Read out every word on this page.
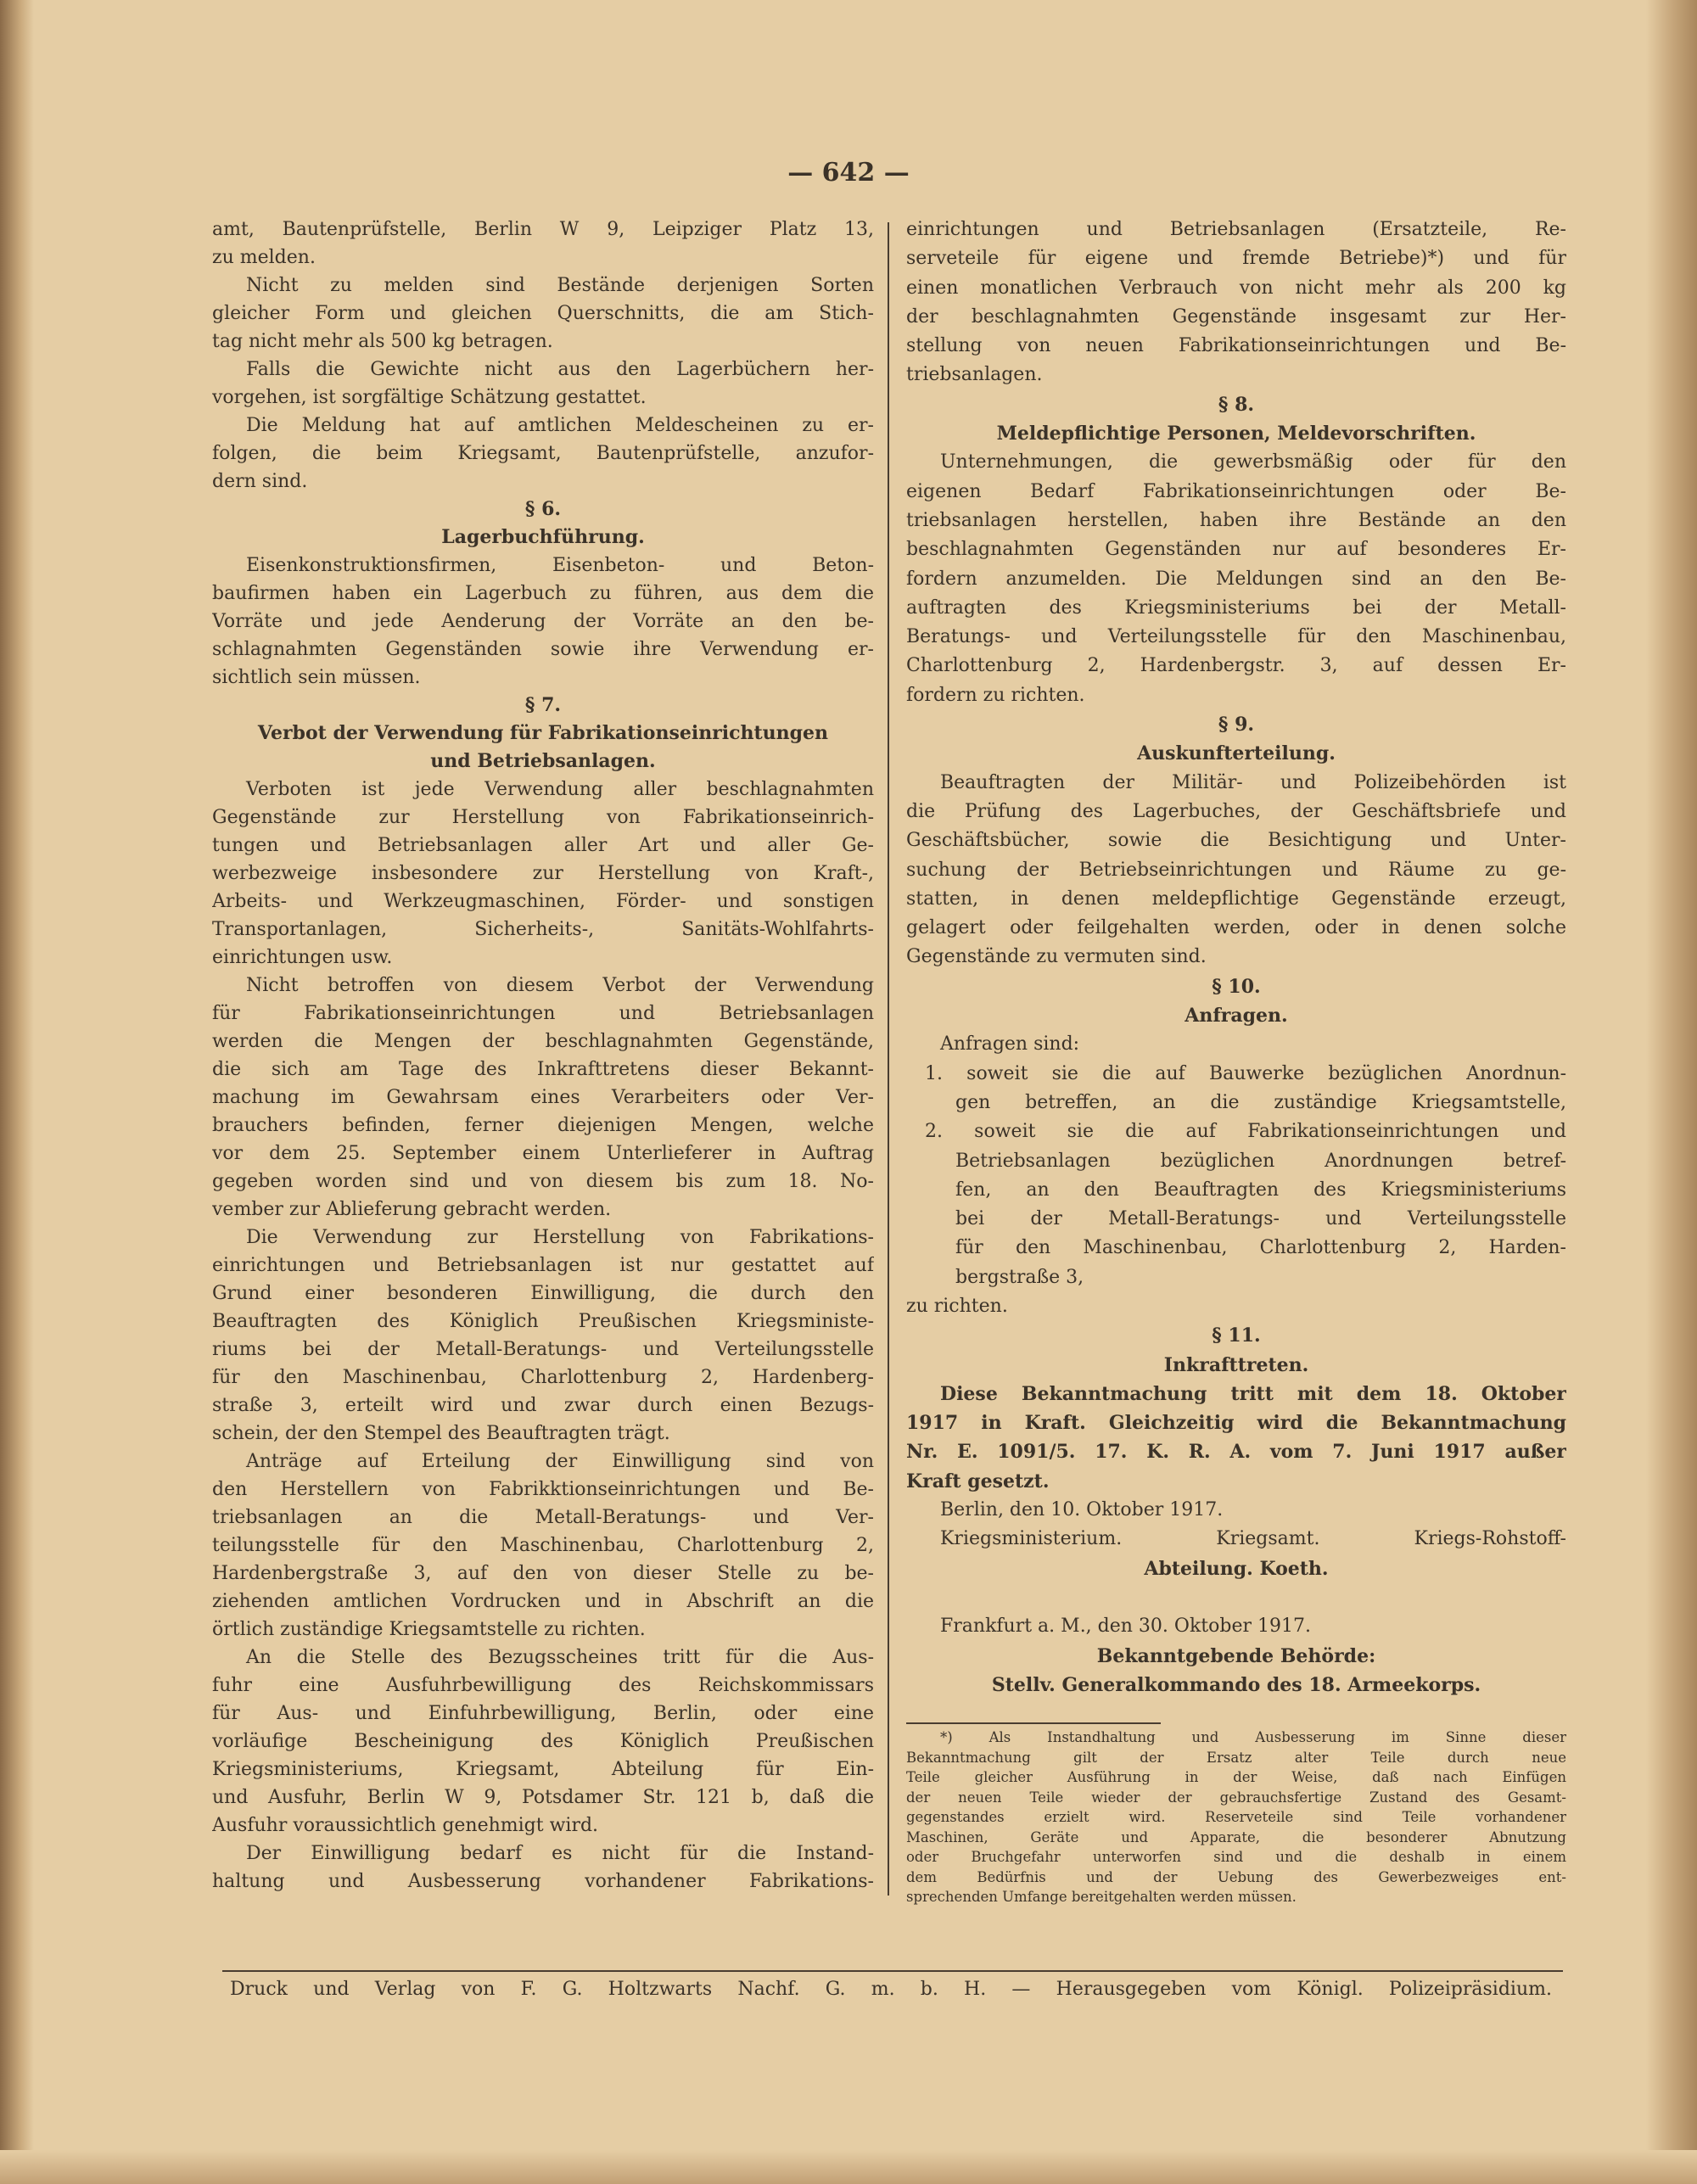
— 642 —
amt, Bautenprüfstelle, Berlin W 9, Leipziger Platz 13,
zu melden.
Nicht zu melden sind Bestände derjenigen Sorten
gleicher Form und gleichen Querschnitts, die am Stich-
tag nicht mehr als 500 kg betragen.
Falls die Gewichte nicht aus den Lagerbüchern her-
vorgehen, ist sorgfältige Schätzung gestattet.
Die Meldung hat auf amtlichen Meldescheinen zu er-
folgen, die beim Kriegsamt, Bautenprüfstelle, anzufor-
dern sind.
§ 6.
Lagerbuchführung.
Eisenkonstruktionsfirmen, Eisenbeton- und Beton-
baufirmen haben ein Lagerbuch zu führen, aus dem die
Vorräte und jede Aenderung der Vorräte an den be-
schlagnahmten Gegenständen sowie ihre Verwendung er-
sichtlich sein müssen.
§ 7.
Verbot der Verwendung für Fabrikationseinrichtungen
und Betriebsanlagen.
Verboten ist jede Verwendung aller beschlagnahmten
Gegenstände zur Herstellung von Fabrikationseinrich-
tungen und Betriebsanlagen aller Art und aller Ge-
werbezweige insbesondere zur Herstellung von Kraft-,
Arbeits- und Werkzeugmaschinen, Förder- und sonstigen
Transportanlagen, Sicherheits-, Sanitäts-Wohlfahrts-
einrichtungen usw.
Nicht betroffen von diesem Verbot der Verwendung
für Fabrikationseinrichtungen und Betriebsanlagen
werden die Mengen der beschlagnahmten Gegenstände,
die sich am Tage des Inkrafttretens dieser Bekannt-
machung im Gewahrsam eines Verarbeiters oder Ver-
brauchers befinden, ferner diejenigen Mengen, welche
vor dem 25. September einem Unterlieferer in Auftrag
gegeben worden sind und von diesem bis zum 18. No-
vember zur Ablieferung gebracht werden.
Die Verwendung zur Herstellung von Fabrikations-
einrichtungen und Betriebsanlagen ist nur gestattet auf
Grund einer besonderen Einwilligung, die durch den
Beauftragten des Königlich Preußischen Kriegsministe-
riums bei der Metall-Beratungs- und Verteilungsstelle
für den Maschinenbau, Charlottenburg 2, Hardenberg-
straße 3, erteilt wird und zwar durch einen Bezugs-
schein, der den Stempel des Beauftragten trägt.
Anträge auf Erteilung der Einwilligung sind von
den Herstellern von Fabrikktionseinrichtungen und Be-
triebsanlagen an die Metall-Beratungs- und Ver-
teilungsstelle für den Maschinenbau, Charlottenburg 2,
Hardenbergstraße 3, auf den von dieser Stelle zu be-
ziehenden amtlichen Vordrucken und in Abschrift an die
örtlich zuständige Kriegsamtstelle zu richten.
An die Stelle des Bezugsscheines tritt für die Aus-
fuhr eine Ausfuhrbewilligung des Reichskommissars
für Aus- und Einfuhrbewilligung, Berlin, oder eine
vorläufige Bescheinigung des Königlich Preußischen
Kriegsministeriums, Kriegsamt, Abteilung für Ein-
und Ausfuhr, Berlin W 9, Potsdamer Str. 121 b, daß die
Ausfuhr voraussichtlich genehmigt wird.
Der Einwilligung bedarf es nicht für die Instand-
haltung und Ausbesserung vorhandener Fabrikations-
einrichtungen und Betriebsanlagen (Ersatzteile, Re-
serveteile für eigene und fremde Betriebe)*) und für
einen monatlichen Verbrauch von nicht mehr als 200 kg
der beschlagnahmten Gegenstände insgesamt zur Her-
stellung von neuen Fabrikationseinrichtungen und Be-
triebsanlagen.
§ 8.
Meldepflichtige Personen, Meldevorschriften.
Unternehmungen, die gewerbsmäßig oder für den
eigenen Bedarf Fabrikationseinrichtungen oder Be-
triebsanlagen herstellen, haben ihre Bestände an den
beschlagnahmten Gegenständen nur auf besonderes Er-
fordern anzumelden. Die Meldungen sind an den Be-
auftragten des Kriegsministeriums bei der Metall-
Beratungs- und Verteilungsstelle für den Maschinenbau,
Charlottenburg 2, Hardenbergstr. 3, auf dessen Er-
fordern zu richten.
§ 9.
Auskunfterteilung.
Beauftragten der Militär- und Polizeibehörden ist
die Prüfung des Lagerbuches, der Geschäftsbriefe und
Geschäftsbücher, sowie die Besichtigung und Unter-
suchung der Betriebseinrichtungen und Räume zu ge-
statten, in denen meldepflichtige Gegenstände erzeugt,
gelagert oder feilgehalten werden, oder in denen solche
Gegenstände zu vermuten sind.
§ 10.
Anfragen.
Anfragen sind:
1. soweit sie die auf Bauwerke bezüglichen Anordnun-
gen betreffen, an die zuständige Kriegsamtstelle,
2. soweit sie die auf Fabrikationseinrichtungen und
Betriebsanlagen bezüglichen Anordnungen betref-
fen, an den Beauftragten des Kriegsministeriums
bei der Metall-Beratungs- und Verteilungsstelle
für den Maschinenbau, Charlottenburg 2, Harden-
bergstraße 3,
zu richten.
§ 11.
Inkrafttreten.
Diese Bekanntmachung tritt mit dem 18. Oktober
1917 in Kraft. Gleichzeitig wird die Bekanntmachung
Nr. E. 1091/5. 17. K. R. A. vom 7. Juni 1917 außer
Kraft gesetzt.
Berlin, den 10. Oktober 1917.
Kriegsministerium. Kriegsamt. Kriegs-Rohstoff-
Abteilung. Koeth.
Frankfurt a. M., den 30. Oktober 1917.
Bekanntgebende Behörde:
Stellv. Generalkommando des 18. Armeekorps.
*) Als Instandhaltung und Ausbesserung im Sinne dieser
Bekanntmachung gilt der Ersatz alter Teile durch neue
Teile gleicher Ausführung in der Weise, daß nach Einfügen
der neuen Teile wieder der gebrauchsfertige Zustand des Gesamt-
gegenstandes erzielt wird. Reserveteile sind Teile vorhandener
Maschinen, Geräte und Apparate, die besonderer Abnutzung
oder Bruchgefahr unterworfen sind und die deshalb in einem
dem Bedürfnis und der Uebung des Gewerbezweiges ent-
sprechenden Umfange bereitgehalten werden müssen.
Druck und Verlag von F. G. Holtzwarts Nachf. G. m. b. H. — Herausgegeben vom Königl. Polizeipräsidium.
